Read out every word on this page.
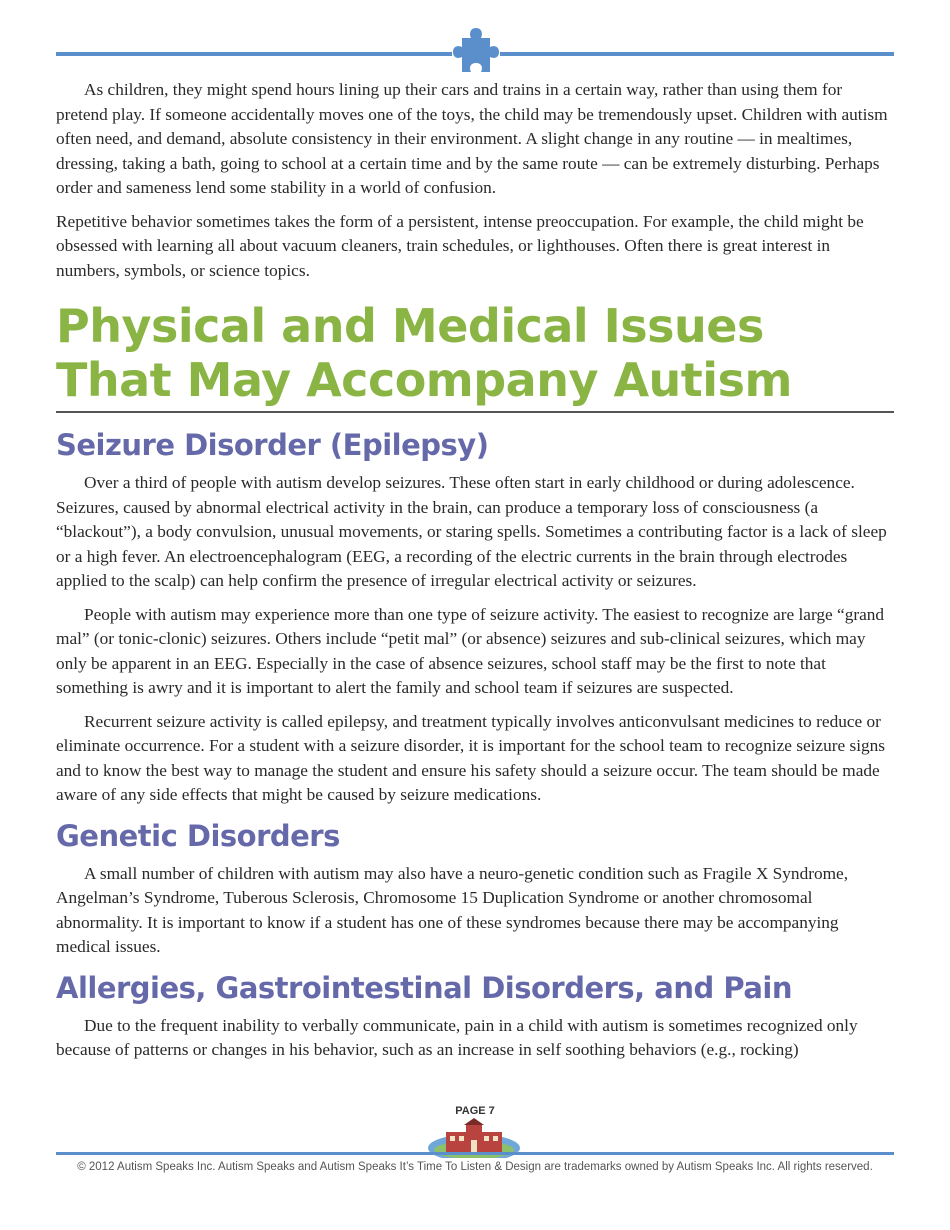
As children, they might spend hours lining up their cars and trains in a certain way, rather than using them for pretend play. If someone accidentally moves one of the toys, the child may be tremendously upset. Children with autism often need, and demand, absolute consistency in their environment. A slight change in any routine — in mealtimes, dressing, taking a bath, going to school at a certain time and by the same route — can be extremely disturbing. Perhaps order and sameness lend some stability in a world of confusion.

Repetitive behavior sometimes takes the form of a persistent, intense preoccupation. For example, the child might be obsessed with learning all about vacuum cleaners, train schedules, or lighthouses. Often there is great interest in numbers, symbols, or science topics.

Physical and Medical Issues
That May Accompany Autism
Seizure Disorder (Epilepsy)

Over a third of people with autism develop seizures. These often start in early childhood or during adolescence. Seizures, caused by abnormal electrical activity in the brain, can produce a temporary loss of consciousness (a “blackout”), a body convulsion, unusual movements, or staring spells. Sometimes a contributing factor is a lack of sleep or a high fever. An electroencephalogram (EEG, a recording of the electric currents in the brain through electrodes applied to the scalp) can help confirm the presence of irregular electrical activity or seizures.

People with autism may experience more than one type of seizure activity. The easiest to recognize are large “grand mal” (or tonic-clonic) seizures. Others include “petit mal” (or absence) seizures and sub-clinical seizures, which may only be apparent in an EEG. Especially in the case of absence seizures, school staff may be the first to note that something is awry and it is important to alert the family and school team if seizures are suspected.

Recurrent seizure activity is called epilepsy, and treatment typically involves anticonvulsant medicines to reduce or eliminate occurrence. For a student with a seizure disorder, it is important for the school team to recognize seizure signs and to know the best way to manage the student and ensure his safety should a seizure occur. The team should be made aware of any side effects that might be caused by seizure medications.

Genetic Disorders

A small number of children with autism may also have a neuro-genetic condition such as Fragile X Syndrome, Angelman’s Syndrome, Tuberous Sclerosis, Chromosome 15 Duplication Syndrome or another chromosomal abnormality. It is important to know if a student has one of these syndromes because there may be accompanying medical issues.

Allergies, Gastrointestinal Disorders, and Pain

Due to the frequent inability to verbally communicate, pain in a child with autism is sometimes recognized only because of patterns or changes in his behavior, such as an increase in self soothing behaviors (e.g., rocking)

PAGE 7
© 2012 Autism Speaks Inc. Autism Speaks and Autism Speaks It’s Time To Listen & Design are trademarks owned by Autism Speaks Inc. All rights reserved.
